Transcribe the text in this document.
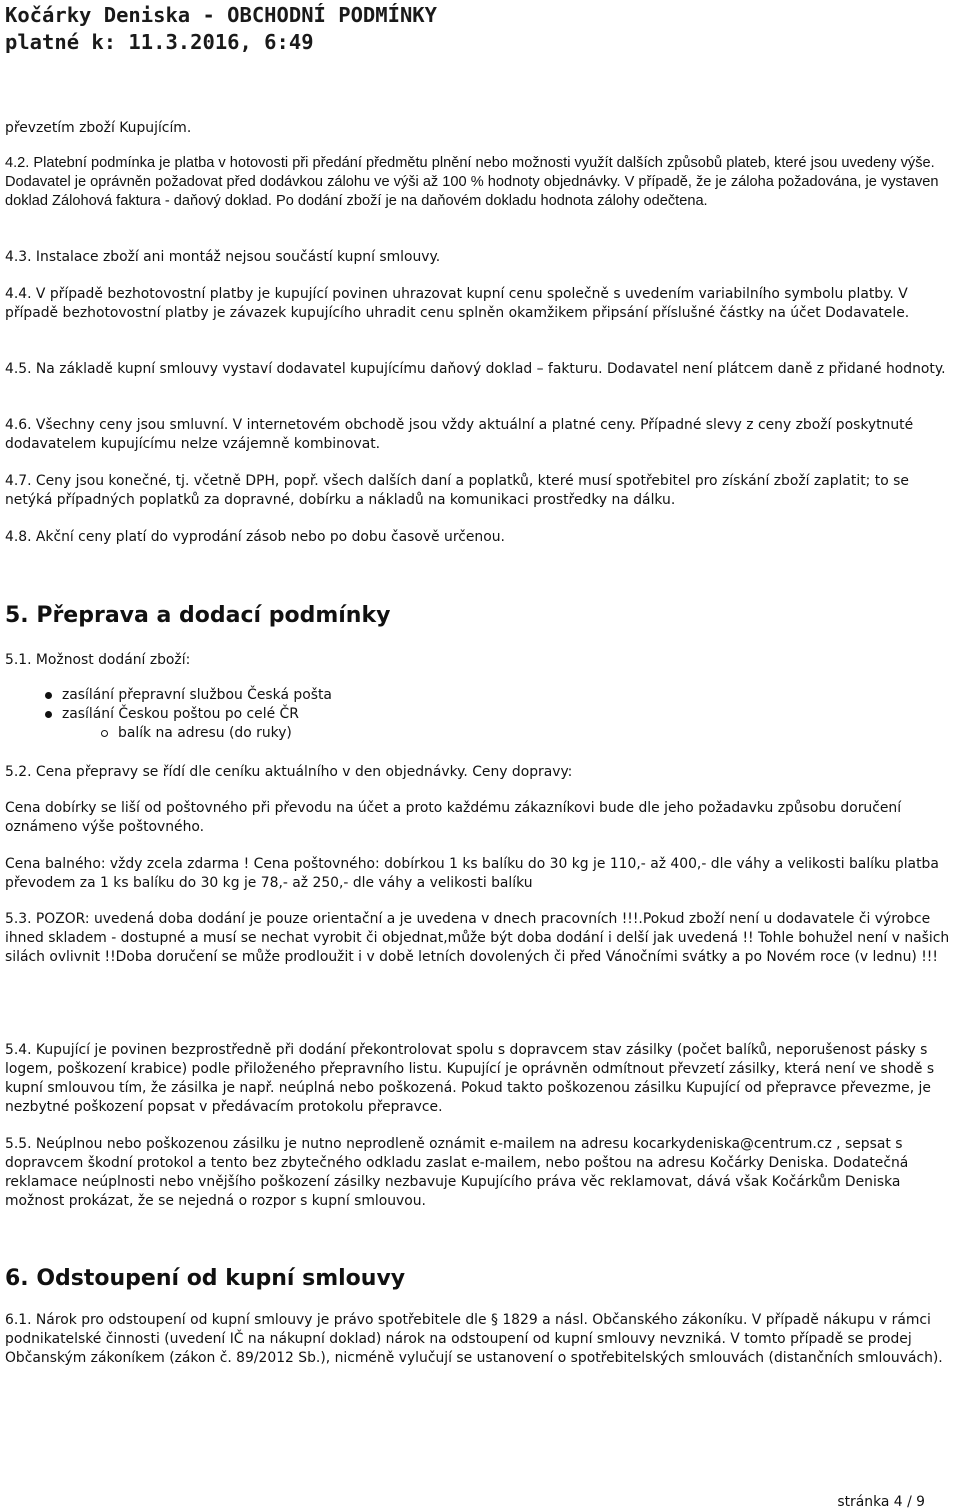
Kočárky Deniska - OBCHODNÍ PODMÍNKY
platné k: 11.3.2016, 6:49

převzetím zboží Kupujícím.

4.2. Platební podmínka je platba v hotovosti při předání předmětu plnění nebo možnosti využít dalších způsobů plateb, které jsou uvedeny výše. Dodavatel je oprávněn požadovat před dodávkou zálohu ve výši až 100 % hodnoty objednávky. V případě, že je záloha požadována, je vystaven doklad Zálohová faktura - daňový doklad. Po dodání zboží je na daňovém dokladu hodnota zálohy odečtena.

4.3. Instalace zboží ani montáž nejsou součástí kupní smlouvy.

4.4. V případě bezhotovostní platby je kupující povinen uhrazovat kupní cenu společně s uvedením variabilního symbolu platby. V případě bezhotovostní platby je závazek kupujícího uhradit cenu splněn okamžikem připsání příslušné částky na účet Dodavatele.

4.5. Na základě kupní smlouvy vystaví dodavatel kupujícímu daňový doklad – fakturu. Dodavatel není plátcem daně z přidané hodnoty.

4.6. Všechny ceny jsou smluvní. V internetovém obchodě jsou vždy aktuální a platné ceny. Případné slevy z ceny zboží poskytnuté dodavatelem kupujícímu nelze vzájemně kombinovat.

4.7. Ceny jsou konečné, tj. včetně DPH, popř. všech dalších daní a poplatků, které musí spotřebitel pro získání zboží zaplatit; to se netýká případných poplatků za dopravné, dobírku a nákladů na komunikaci prostředky na dálku.

4.8. Akční ceny platí do vyprodání zásob nebo po dobu časově určenou.

5. Přeprava a dodací podmínky

5.1. Možnost dodání zboží:

zasílání přepravní službou Česká pošta
zasílání Českou poštou po celé ČR
balík na adresu (do ruky)

5.2. Cena přepravy se řídí dle ceníku aktuálního v den objednávky. Ceny dopravy:

Cena dobírky se liší od poštovného při převodu na účet a proto každému zákazníkovi bude dle jeho požadavku způsobu doručení oznámeno výše poštovného.

Cena balného: vždy zcela zdarma ! Cena poštovného: dobírkou 1 ks balíku do 30 kg je 110,- až 400,- dle váhy a velikosti balíku platba převodem za 1 ks balíku do 30 kg je 78,- až 250,- dle váhy a velikosti balíku

5.3. POZOR: uvedená doba dodání je pouze orientační a je uvedena v dnech pracovních !!!.Pokud zboží není u dodavatele či výrobce ihned skladem - dostupné a musí se nechat vyrobit či objednat,může být doba dodání i delší jak uvedená !! Tohle bohužel není v našich silách ovlivnit !!Doba doručení se může prodloužit i v době letních dovolených či před Vánočními svátky a po Novém roce (v lednu) !!!

5.4. Kupující je povinen bezprostředně při dodání překontrolovat spolu s dopravcem stav zásilky (počet balíků, neporušenost pásky s logem, poškození krabice) podle přiloženého přepravního listu. Kupující je oprávněn odmítnout převzetí zásilky, která není ve shodě s kupní smlouvou tím, že zásilka je např. neúplná nebo poškozená. Pokud takto poškozenou zásilku Kupující od přepravce převezme, je nezbytné poškození popsat v předávacím protokolu přepravce.

5.5. Neúplnou nebo poškozenou zásilku je nutno neprodleně oznámit e-mailem na adresu kocarkydeniska@centrum.cz , sepsat s dopravcem škodní protokol a tento bez zbytečného odkladu zaslat e-mailem, nebo poštou na adresu Kočárky Deniska. Dodatečná reklamace neúplnosti nebo vnějšího poškození zásilky nezbavuje Kupujícího práva věc reklamovat, dává však Kočárkům Deniska možnost prokázat, že se nejedná o rozpor s kupní smlouvou.

6. Odstoupení od kupní smlouvy

6.1. Nárok pro odstoupení od kupní smlouvy je právo spotřebitele dle § 1829 a násl. Občanského zákoníku. V případě nákupu v rámci podnikatelské činnosti (uvedení IČ na nákupní doklad) nárok na odstoupení od kupní smlouvy nevzniká. V tomto případě se prodej Občanským zákoníkem (zákon č. 89/2012 Sb.), nicméně vylučují se ustanovení o spotřebitelských smlouvách (distančních smlouvách).

stránka 4 / 9
